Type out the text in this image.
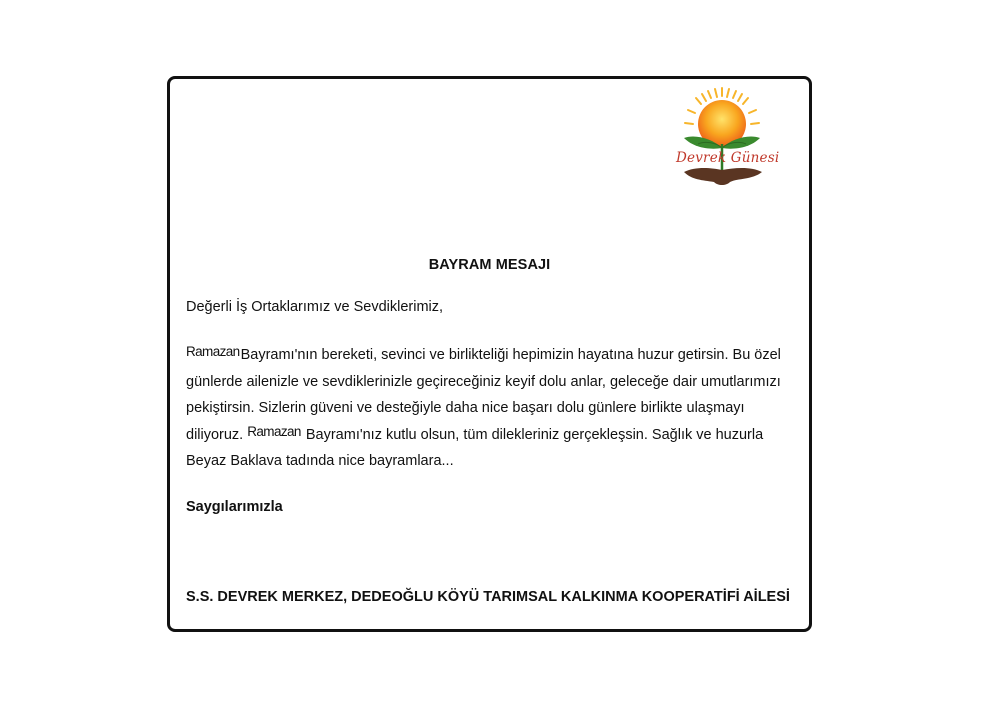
Devrek Günesi
BAYRAM MESAJI
Değerli İş Ortaklarımız ve Sevdiklerimiz,
RamazanBayramı'nın bereketi, sevinci ve birlikteliği hepimizin hayatına huzur getirsin. Bu özel
günlerde ailenizle ve sevdiklerinizle geçireceğiniz keyif dolu anlar, geleceğe dair umutlarımızı
pekiştirsin. Sizlerin güveni ve desteğiyle daha nice başarı dolu günlere birlikte ulaşmayı
diliyoruz. Ramazan Bayramı'nız kutlu olsun, tüm dilekleriniz gerçekleşsin. Sağlık ve huzurla
Beyaz Baklava tadında nice bayramlara...
Saygılarımızla
S.S. DEVREK MERKEZ, DEDEOĞLU KÖYÜ TARIMSAL KALKINMA KOOPERATİFİ AİLESİ
